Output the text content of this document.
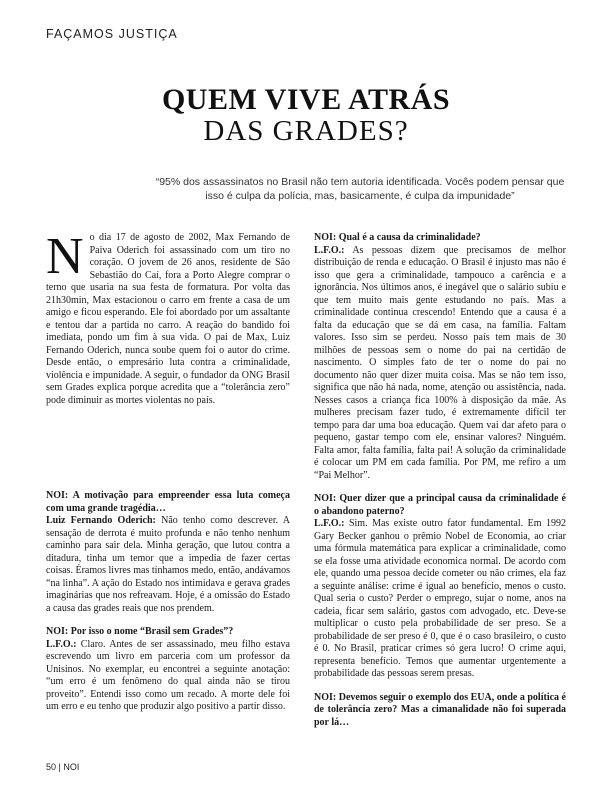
FAÇAMOS JUSTIÇA
QUEM VIVE ATRÁS
DAS GRADES?
“95% dos assassinatos no Brasil não tem autoria identificada. Vocês podem pensar que isso é culpa da polícia, mas, basicamente, é culpa da impunidade”

No dia 17 de agosto de 2002, Max Fernando de Paiva Oderich foi assassinado com um tiro no coração. O jovem de 26 anos, residente de São Sebastião do Caí, fora a Porto Alegre comprar o terno que usaria na sua festa de formatura. Por volta das 21h30min, Max estacionou o carro em frente a casa de um amigo e ficou esperando. Ele foi abordado por um assaltante e tentou dar a partida no carro. A reação do bandido foi imediata, pondo um fim à sua vida. O pai de Max, Luiz Fernando Oderich, nunca soube quem foi o autor do crime. Desde então, o empresário luta contra a criminalidade, violência e impunidade. A seguir, o fundador da ONG Brasil sem Grades explica porque acredita que a “tolerância zero” pode diminuir as mortes violentas no país.

NOI: A motivação para empreender essa luta começa com uma grande tragédia…

Luiz Fernando Oderich: Não tenho como descrever. A sensação de derrota é muito profunda e não tenho nenhum caminho para sair dela. Minha geração, que lutou contra a ditadura, tinha um temor que a impedia de fazer certas coisas. Éramos livres mas tínhamos medo, então, andávamos “na linha”. A ação do Estado nos intimidava e gerava grades imaginárias que nos refreavam. Hoje, é a omissão do Estado a causa das grades reais que nos prendem.

NOI: Por isso o nome “Brasil sem Grades”?

L.F.O.: Claro. Antes de ser assassinado, meu filho estava escrevendo um livro em parceria com um professor da Unisinos. No exemplar, eu encontrei a seguinte anotação: “um erro é um fenômeno do qual ainda não se tirou proveito”. Entendi isso como um recado. A morte dele foi um erro e eu tenho que produzir algo positivo a partir disso.

NOI: Qual é a causa da criminalidade?

L.F.O.: As pessoas dizem que precisamos de melhor distribuição de renda e educação. O Brasil é injusto mas não é isso que gera a criminalidade, tampouco a carência e a ignorância. Nos últimos anos, é inegável que o salário subiu e que tem muito mais gente estudando no país. Mas a criminalidade continua crescendo! Entendo que a causa é a falta da educação que se dá em casa, na família. Faltam valores. Isso sim se perdeu. Nosso país tem mais de 30 milhões de pessoas sem o nome do pai na certidão de nascimento. O simples fato de ter o nome do pai no documento não quer dizer muita coisa. Mas se não tem isso, significa que não há nada, nome, atenção ou assistência, nada. Nesses casos a criança fica 100% à disposição da mãe. As mulheres precisam fazer tudo, é extremamente difícil ter tempo para dar uma boa educação. Quem vai dar afeto para o pequeno, gastar tempo com ele, ensinar valores? Ninguém. Falta amor, falta família, falta pai! A solução da criminalidade é colocar um PM em cada família. Por PM, me refiro a um “Pai Melhor”.

NOI: Quer dizer que a principal causa da criminalidade é o abandono paterno?

L.F.O.: Sim. Mas existe outro fator fundamental. Em 1992 Gary Becker ganhou o prêmio Nobel de Economia, ao criar uma fórmula matemática para explicar a criminalidade, como se ela fosse uma atividade economica normal. De acordo com ele, quando uma pessoa decide cometer ou não crimes, ela faz a seguinte análise: crime é igual ao benefício, menos o custo. Qual seria o custo? Perder o emprego, sujar o nome, anos na cadeia, ficar sem salário, gastos com advogado, etc. Deve-se multiplicar o custo pela probabilidade de ser preso. Se a probabilidade de ser preso é 0, que é o caso brasileiro, o custo é 0. No Brasil, praticar crimes só gera lucro! O crime aqui, representa benefício. Temos que aumentar urgentemente a probabilidade das pessoas serem presas.

NOI: Devemos seguir o exemplo dos EUA, onde a política é de tolerância zero? Mas a cimanalidade não foi superada por lá…

50 | NOI
